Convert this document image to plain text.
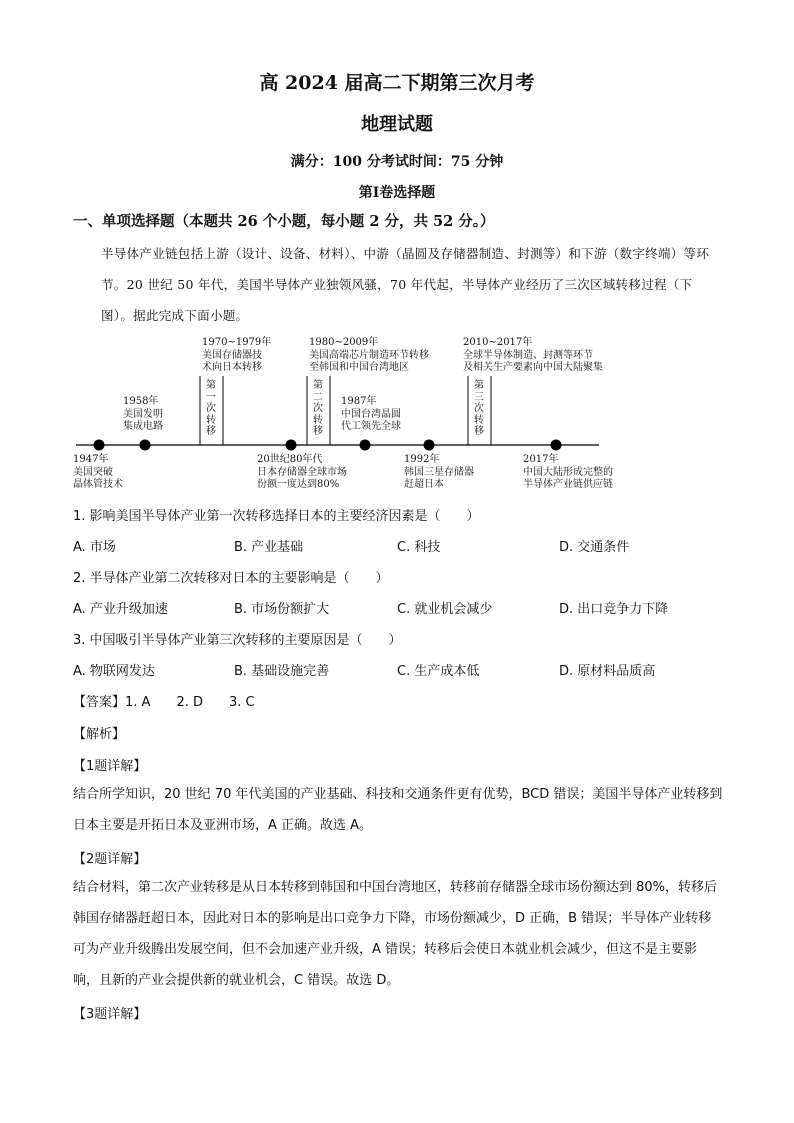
高 2024 届高二下期第三次月考
地理试题
满分：100 分考试时间：75 分钟
第Ⅰ卷选择题
一、单项选择题（本题共 26 个小题，每小题 2 分，共 52 分。）
半导体产业链包括上游（设计、设备、材料）、中游（晶圆及存储器制造、封测等）和下游（数字终端）等环节。20 世纪 50 年代，美国半导体产业独领风骚，70 年代起，半导体产业经历了三次区域转移过程（下图）。据此完成下面小题。
1970~1979年
美国存储器技
术向日本转移
1980~2009年
美国高端芯片制造环节转移
至韩国和中国台湾地区
2010~2017年
全球半导体制造、封测等环节
及相关生产要素向中国大陆聚集
1958年
美国发明
集成电路
1987年
中国台湾晶圆
代工领先全球
第一次转移
第二次转移
第三次转移
1947年
美国突破
晶体管技术
20世纪80年代
日本存储器全球市场
份额一度达到80%
1992年
韩国三星存储器
赶超日本
2017年
中国大陆形成完整的
半导体产业链供应链
1. 影响美国半导体产业第一次转移选择日本的主要经济因素是（　　）
A. 市场	B. 产业基础	C. 科技	D. 交通条件
2. 半导体产业第二次转移对日本的主要影响是（　　）
A. 产业升级加速	B. 市场份额扩大	C. 就业机会减少	D. 出口竞争力下降
3. 中国吸引半导体产业第三次转移的主要原因是（　　）
A. 物联网发达	B. 基础设施完善	C. 生产成本低	D. 原材料品质高
【答案】1. A　　2. D　　3. C
【解析】
【1题详解】
结合所学知识，20 世纪 70 年代美国的产业基础、科技和交通条件更有优势，BCD 错误；美国半导体产业转移到日本主要是开拓日本及亚洲市场，A 正确。故选 A。
【2题详解】
结合材料，第二次产业转移是从日本转移到韩国和中国台湾地区，转移前存储器全球市场份额达到 80%，转移后韩国存储器赶超日本，因此对日本的影响是出口竞争力下降，市场份额减少，D 正确，B 错误；半导体产业转移可为产业升级腾出发展空间，但不会加速产业升级，A 错误；转移后会使日本就业机会减少，但这不是主要影响，且新的产业会提供新的就业机会，C 错误。故选 D。
【3题详解】
